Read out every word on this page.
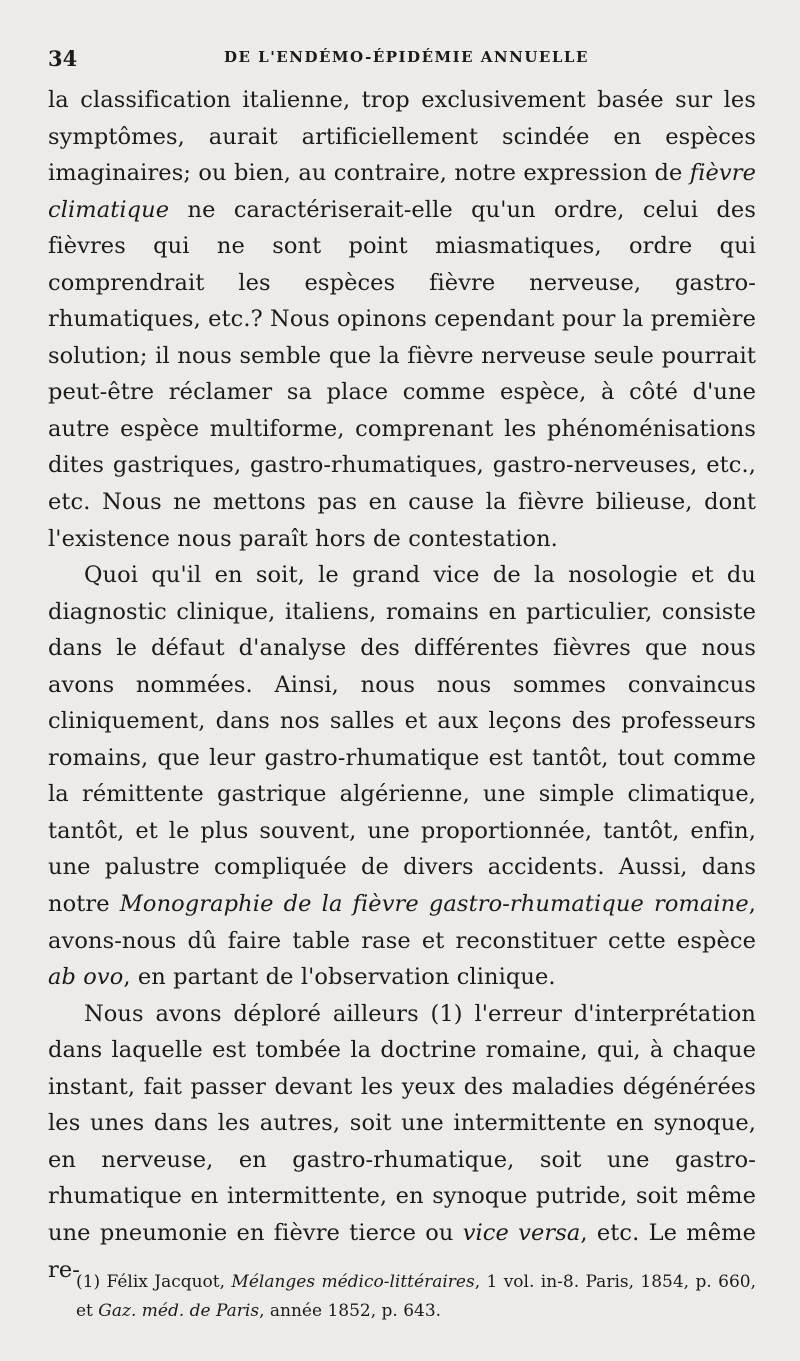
34	DE L'ENDÉMO-ÉPIDÉMIE ANNUELLE

la classification italienne, trop exclusivement basée sur les symptômes, aurait artificiellement scindée en espèces imaginaires; ou bien, au contraire, notre expression de fièvre climatique ne caractériserait-elle qu'un ordre, celui des fièvres qui ne sont point miasmatiques, ordre qui comprendrait les espèces fièvre nerveuse, gastro-rhumatiques, etc.? Nous opinons cependant pour la première solution; il nous semble que la fièvre nerveuse seule pourrait peut-être réclamer sa place comme espèce, à côté d'une autre espèce multiforme, comprenant les phénoménisations dites gastriques, gastro-rhumatiques, gastro-nerveuses, etc., etc. Nous ne mettons pas en cause la fièvre bilieuse, dont l'existence nous paraît hors de contestation.

Quoi qu'il en soit, le grand vice de la nosologie et du diagnostic clinique, italiens, romains en particulier, consiste dans le défaut d'analyse des différentes fièvres que nous avons nommées. Ainsi, nous nous sommes convaincus cliniquement, dans nos salles et aux leçons des professeurs romains, que leur gastro-rhumatique est tantôt, tout comme la rémittente gastrique algérienne, une simple climatique, tantôt, et le plus souvent, une proportionnée, tantôt, enfin, une palustre compliquée de divers accidents. Aussi, dans notre Monographie de la fièvre gastro-rhumatique romaine, avons-nous dû faire table rase et reconstituer cette espèce ab ovo, en partant de l'observation clinique.

Nous avons déploré ailleurs (1) l'erreur d'interprétation dans laquelle est tombée la doctrine romaine, qui, à chaque instant, fait passer devant les yeux des maladies dégénérées les unes dans les autres, soit une intermittente en synoque, en nerveuse, en gastro-rhumatique, soit une gastro-rhumatique en intermittente, en synoque putride, soit même une pneumonie en fièvre tierce ou vice versa, etc. Le même re-

(1) Félix Jacquot, Mélanges médico-littéraires, 1 vol. in-8. Paris, 1854, p. 660, et Gaz. méd. de Paris, année 1852, p. 643.
